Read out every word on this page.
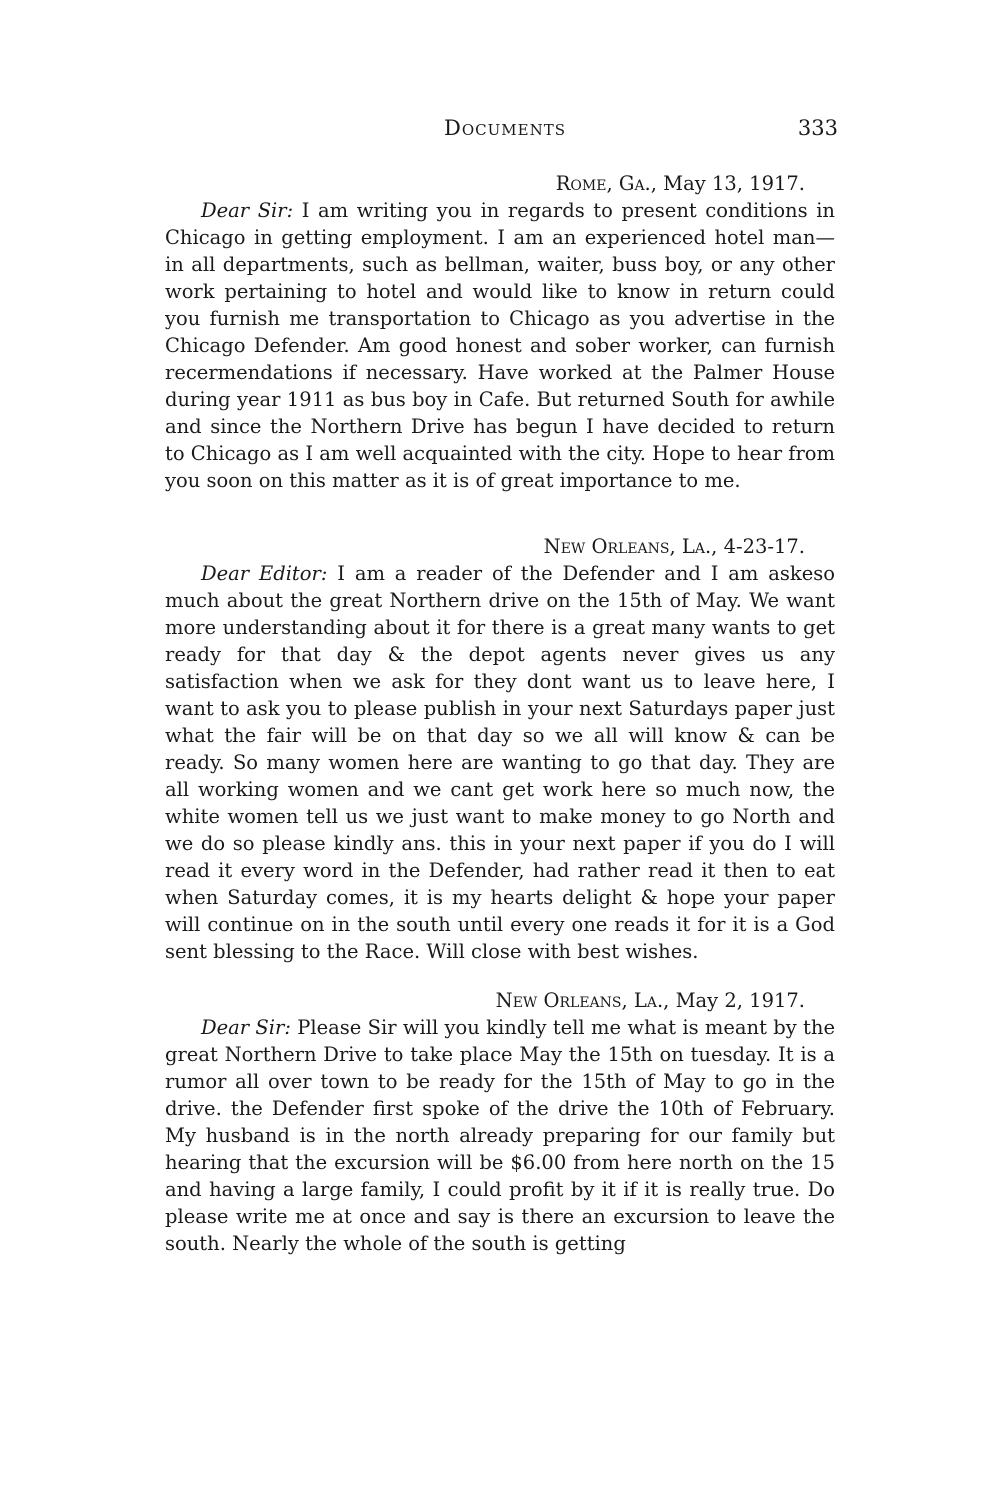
Documents	333

Rome, Ga., May 13, 1917.

Dear Sir: I am writing you in regards to present conditions in Chicago in getting employment. I am an experienced hotel man— in all departments, such as bellman, waiter, buss boy, or any other work pertaining to hotel and would like to know in return could you furnish me transportation to Chicago as you advertise in the Chicago Defender. Am good honest and sober worker, can furnish recermendations if necessary. Have worked at the Palmer House during year 1911 as bus boy in Cafe. But returned South for awhile and since the Northern Drive has begun I have decided to return to Chicago as I am well acquainted with the city. Hope to hear from you soon on this matter as it is of great importance to me.

New Orleans, La., 4-23-17.

Dear Editor: I am a reader of the Defender and I am askeso much about the great Northern drive on the 15th of May. We want more understanding about it for there is a great many wants to get ready for that day & the depot agents never gives us any satisfaction when we ask for they dont want us to leave here, I want to ask you to please publish in your next Saturdays paper just what the fair will be on that day so we all will know & can be ready. So many women here are wanting to go that day. They are all working women and we cant get work here so much now, the white women tell us we just want to make money to go North and we do so please kindly ans. this in your next paper if you do I will read it every word in the Defender, had rather read it then to eat when Saturday comes, it is my hearts delight & hope your paper will continue on in the south until every one reads it for it is a God sent blessing to the Race. Will close with best wishes.

New Orleans, La., May 2, 1917.

Dear Sir: Please Sir will you kindly tell me what is meant by the great Northern Drive to take place May the 15th on tuesday. It is a rumor all over town to be ready for the 15th of May to go in the drive. the Defender first spoke of the drive the 10th of February. My husband is in the north already preparing for our family but hearing that the excursion will be $6.00 from here north on the 15 and having a large family, I could profit by it if it is really true. Do please write me at once and say is there an excursion to leave the south. Nearly the whole of the south is getting
